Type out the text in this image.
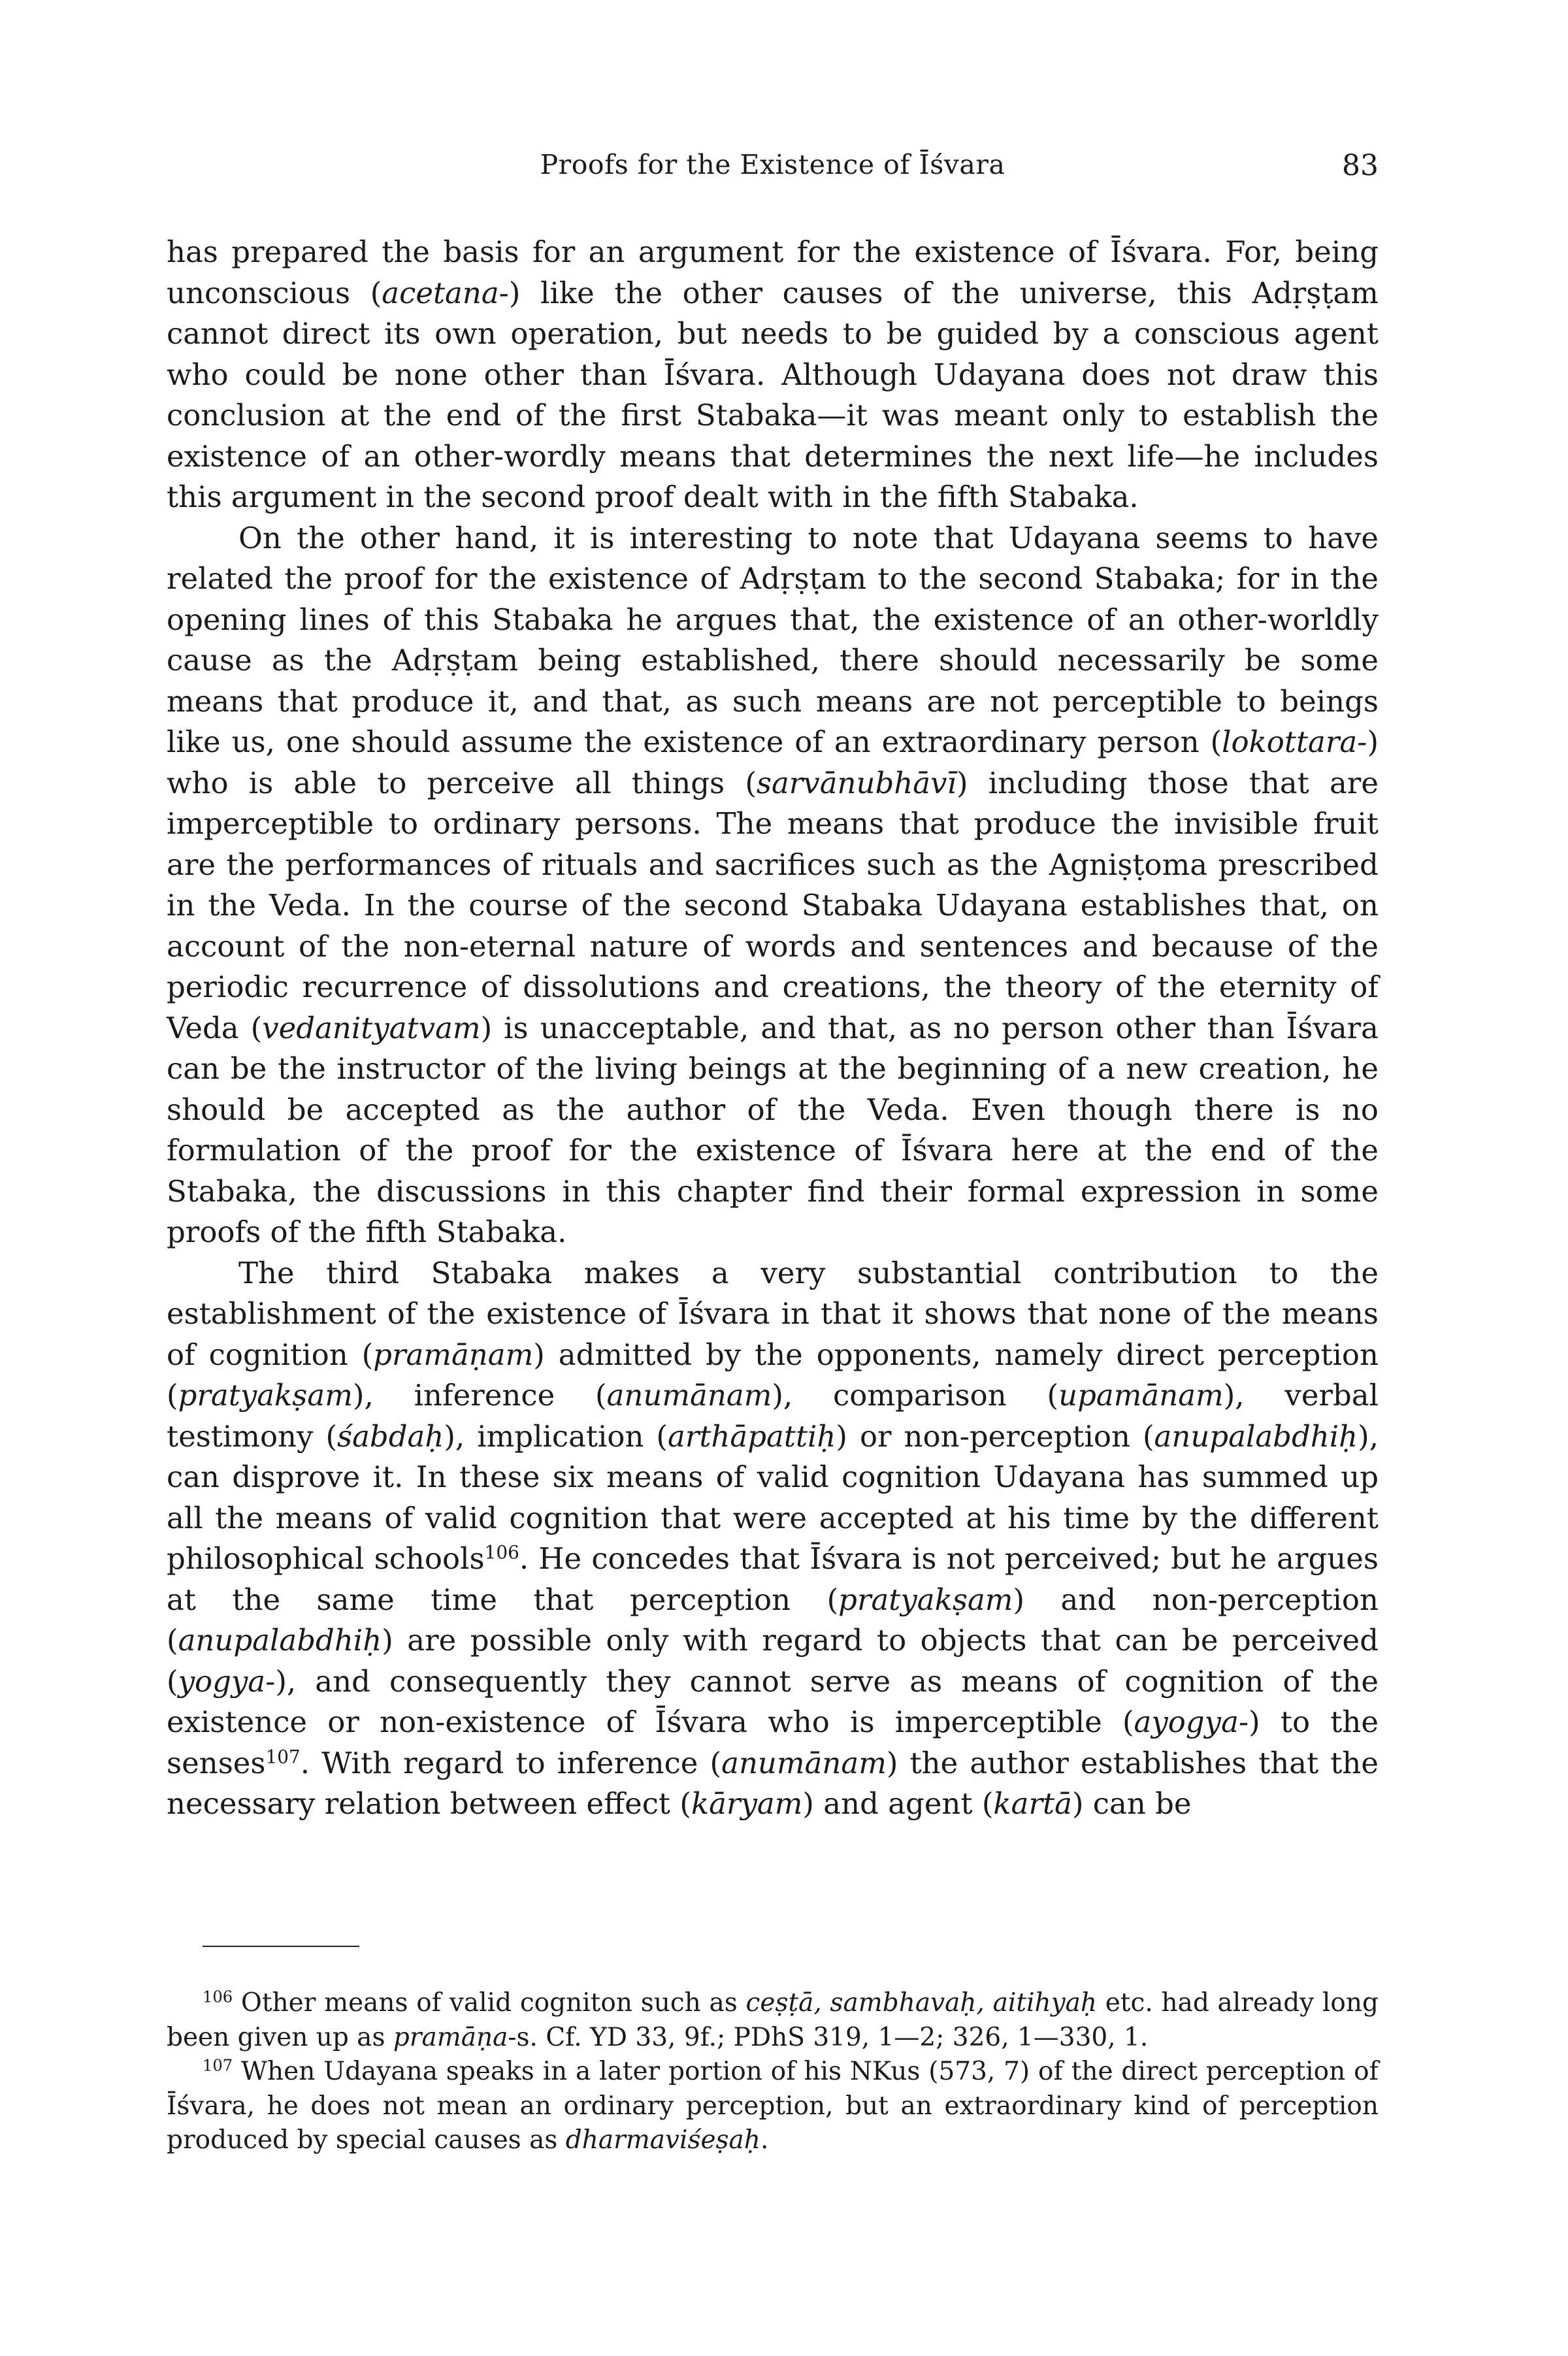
Proofs for the Existence of Īśvara	83

has prepared the basis for an argument for the existence of Īśvara. For, being unconscious (acetana-) like the other causes of the universe, this Adṛṣṭam cannot direct its own operation, but needs to be guided by a conscious agent who could be none other than Īśvara. Although Udayana does not draw this conclusion at the end of the first Stabaka—it was meant only to establish the existence of an other-wordly means that determines the next life—he includes this argument in the second proof dealt with in the fifth Stabaka.

On the other hand, it is interesting to note that Udayana seems to have related the proof for the existence of Adṛṣṭam to the second Stabaka; for in the opening lines of this Stabaka he argues that, the existence of an other-worldly cause as the Adṛṣṭam being established, there should necessarily be some means that produce it, and that, as such means are not perceptible to beings like us, one should assume the existence of an extraordinary person (lokottara-) who is able to perceive all things (sarvānubhāvī) including those that are imperceptible to ordinary persons. The means that produce the invisible fruit are the performances of rituals and sacrifices such as the Agniṣṭoma prescribed in the Veda. In the course of the second Stabaka Udayana establishes that, on account of the non-eternal nature of words and sentences and because of the periodic recurrence of dissolutions and creations, the theory of the eternity of Veda (vedanityatvam) is unacceptable, and that, as no person other than Īśvara can be the instructor of the living beings at the beginning of a new creation, he should be accepted as the author of the Veda. Even though there is no formulation of the proof for the existence of Īśvara here at the end of the Stabaka, the discussions in this chapter find their formal expression in some proofs of the fifth Stabaka.

The third Stabaka makes a very substantial contribution to the establishment of the existence of Īśvara in that it shows that none of the means of cognition (pramāṇam) admitted by the opponents, namely direct perception (pratyakṣam), inference (anumānam), comparison (upamānam), verbal testimony (śabdaḥ), implication (arthāpattiḥ) or non-perception (anupalabdhiḥ), can disprove it. In these six means of valid cognition Udayana has summed up all the means of valid cognition that were accepted at his time by the different philosophical schools$^{106}$. He concedes that Īśvara is not perceived; but he argues at the same time that perception (pratyakṣam) and non-perception (anupalabdhiḥ) are possible only with regard to objects that can be perceived (yogya-), and consequently they cannot serve as means of cognition of the existence or non-existence of Īśvara who is imperceptible (ayogya-) to the senses$^{107}$. With regard to inference (anumānam) the author establishes that the necessary relation between effect (kāryam) and agent (kartā) can be

$^{106}$ Other means of valid cogniton such as ceṣṭā, sambhavaḥ, aitihyaḥ etc. had already long been given up as pramāṇa-s. Cf. YD 33, 9f.; PDhS 319, 1—2; 326, 1—330, 1.

$^{107}$ When Udayana speaks in a later portion of his NKus (573, 7) of the direct perception of Īśvara, he does not mean an ordinary perception, but an extraordinary kind of perception produced by special causes as dharmaviśeṣaḥ.
